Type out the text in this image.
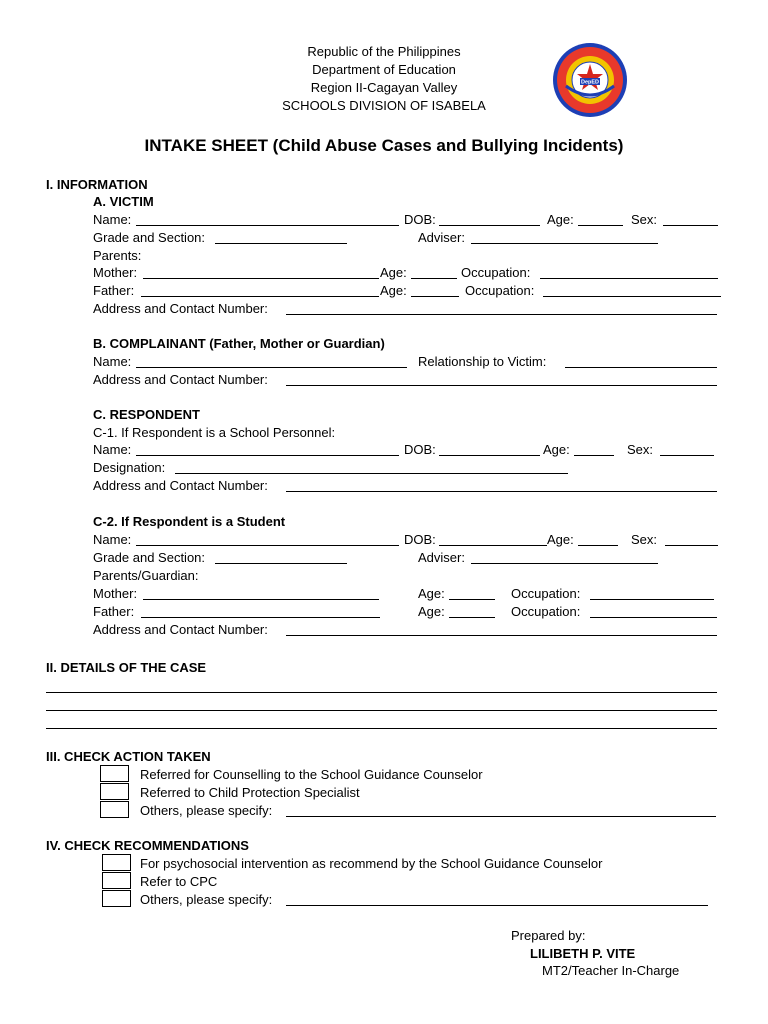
Republic of the Philippines
Department of Education
Region II-Cagayan Valley
SCHOOLS DIVISION OF ISABELA
DepED
INTAKE SHEET (Child Abuse Cases and Bullying Incidents)
I. INFORMATION
A. VICTIM
Name:	DOB:	Age:	Sex:
Grade and Section:	Adviser:
Parents:
Mother:	Age:	Occupation:
Father:	Age:	Occupation:
Address and Contact Number:
B. COMPLAINANT (Father, Mother or Guardian)
Name:	Relationship to Victim:
Address and Contact Number:
C. RESPONDENT
C-1. If Respondent is a School Personnel:
Name:	DOB:	Age:	Sex:
Designation:
Address and Contact Number:
C-2. If Respondent is a Student
Name:	DOB:	Age:	Sex:
Grade and Section:	Adviser:
Parents/Guardian:
Mother:	Age:	Occupation:
Father:	Age:	Occupation:
Address and Contact Number:
II. DETAILS OF THE CASE
III. CHECK ACTION TAKEN
Referred for Counselling to the School Guidance Counselor
Referred to Child Protection Specialist
Others, please specify:
IV. CHECK RECOMMENDATIONS
For psychosocial intervention as recommend by the School Guidance Counselor
Refer to CPC
Others, please specify:
Prepared by:
LILIBETH P. VITE
MT2/Teacher In-Charge
